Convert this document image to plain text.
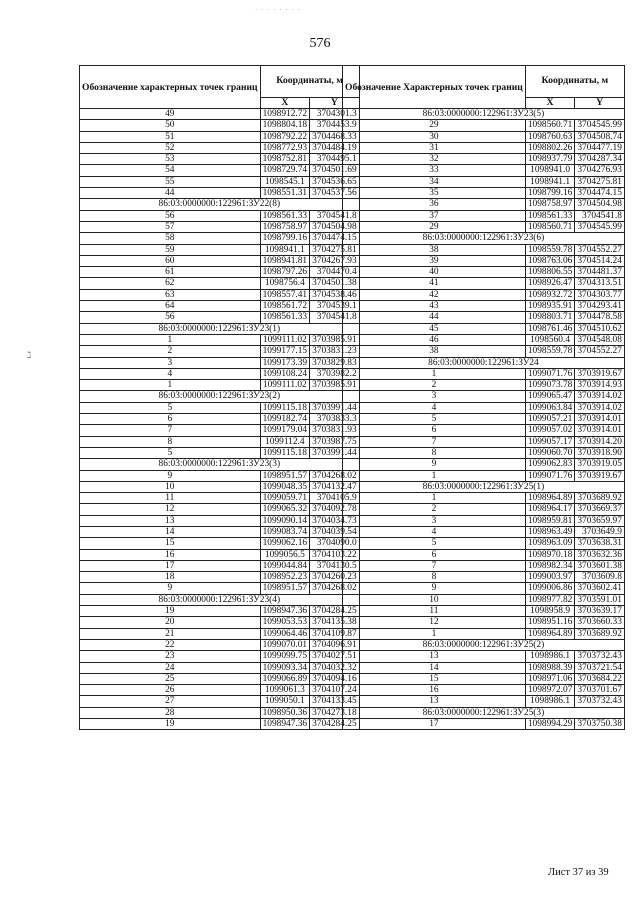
· · · · · · · ·
576
ℷ
Обозначение характерных точек границ	Координаты, м	
	X	Y
49	1098912.72	3704301.3
50	1098804.18	3704453.9
51	1098792.22	3704468.33
52	1098772.93	3704484.19
53	1098752.81	3704495.1
54	1098729.74	3704501.69
55	1098545.1	3704536.65
44	1098551.31	3704537.56
86:03:0000000:122961:ЗУ22(8)		
56	1098561.33	3704541.8
57	1098758.97	3704504.98
58	1098799.16	3704474.15
59	1098941.1	3704275.81
60	1098941.81	3704267.93
61	1098797.26	3704470.4
62	1098756.4	3704501.38
63	1098557.41	3704538.46
64	1098561.72	3704539.1
56	1098561.33	3704541.8
86:03:0000000:122961:ЗУ23(1)		
1	1099111.02	3703985.91
2	1099177.15	3703831.23
3	1099173.39	3703829.83
4	1099108.24	3703982.2
1	1099111.02	3703985.91
86:03:0000000:122961:ЗУ23(2)		
5	1099115.18	3703991.44
6	1099182.74	3703833.3
7	1099179.04	3703831.93
8	1099112.4	3703987.75
5	1099115.18	3703991.44
86:03:0000000:122961:ЗУ23(3)		
9	1098951.57	3704268.02
10	1099048.35	3704132.47
11	1099059.71	3704105.9
12	1099065.32	3704092.78
13	1099090.14	3704034.73
14	1099083.74	3704039.54
15	1099062.16	3704090.0
16	1099056.5	3704103.22
17	1099044.84	3704130.5
18	1098952.23	3704260.23
9	1098951.57	3704268.02
86:03:0000000:122961:ЗУ23(4)		
19	1098947.36	3704284.25
20	1099053.53	3704135.38
21	1099064.46	3704109.87
22	1099070.01	3704096.91
23	1099099.75	3704027.51
24	1099093.34	3704032.32
25	1099066.89	3704094.16
26	1099061.3	3704107.24
27	1099050.1	3704133.45
28	1098950.36	3704273.18
19	1098947.36	3704284.25
Обозначение Характерных точек границ	Координаты, м	
	X	Y
86:03:0000000:122961:ЗУ23(5)		
29	1098560.71	3704545.99
30	1098760.63	3704508.74
31	1098802.26	3704477.19
32	1098937.79	3704287.34
33	1098941.0	3704276.93
34	1098941.1	3704275.81
35	1098799.16	3704474.15
36	1098758.97	3704504.98
37	1098561.33	3704541.8
29	1098560.71	3704545.99
86:03:0000000:122961:ЗУ23(6)		
38	1098559.78	3704552.27
39	1098763.06	3704514.24
40	1098806.55	3704481.37
41	1098926.47	3704313.51
42	1098932.72	3704303.77
43	1098935.91	3704293.41
44	1098803.71	3704478.58
45	1098761.46	3704510.62
46	1098560.4	3704548.08
38	1098559.78	3704552.27
86:03:0000000:122961:ЗУ24		
1	1099071.76	3703919.67
2	1099073.78	3703914.93
3	1099065.47	3703914.02
4	1099063.84	3703914.02
5	1099057.21	3703914.01
6	1099057.02	3703914.01
7	1099057.17	3703914.20
8	1099060.70	3703918.90
9	1099062.83	3703919.05
1	1099071.76	3703919.67
86:03:0000000:122961:ЗУ25(1)		
1	1098964.89	3703689.92
2	1098964.17	3703669.37
3	1098959.81	3703659.97
4	1098963.49	3703649.9
5	1098963.09	3703638.31
6	1098970.18	3703632.36
7	1098982.34	3703601.38
8	1099003.97	3703609.8
9	1099006.86	3703602.41
10	1098977.82	3703591.01
11	1098958.9	3703639.17
12	1098951.16	3703660.33
1	1098964.89	3703689.92
86:03:0000000:122961:ЗУ25(2)		
13	1098986.1	3703732.43
14	1098988.39	3703721.54
15	1098971.06	3703684.22
16	1098972.07	3703701.67
13	1098986.1	3703732.43
86:03:0000000:122961:ЗУ25(3)		
17	1098994.29	3703750.38
Лист 37 из 39
